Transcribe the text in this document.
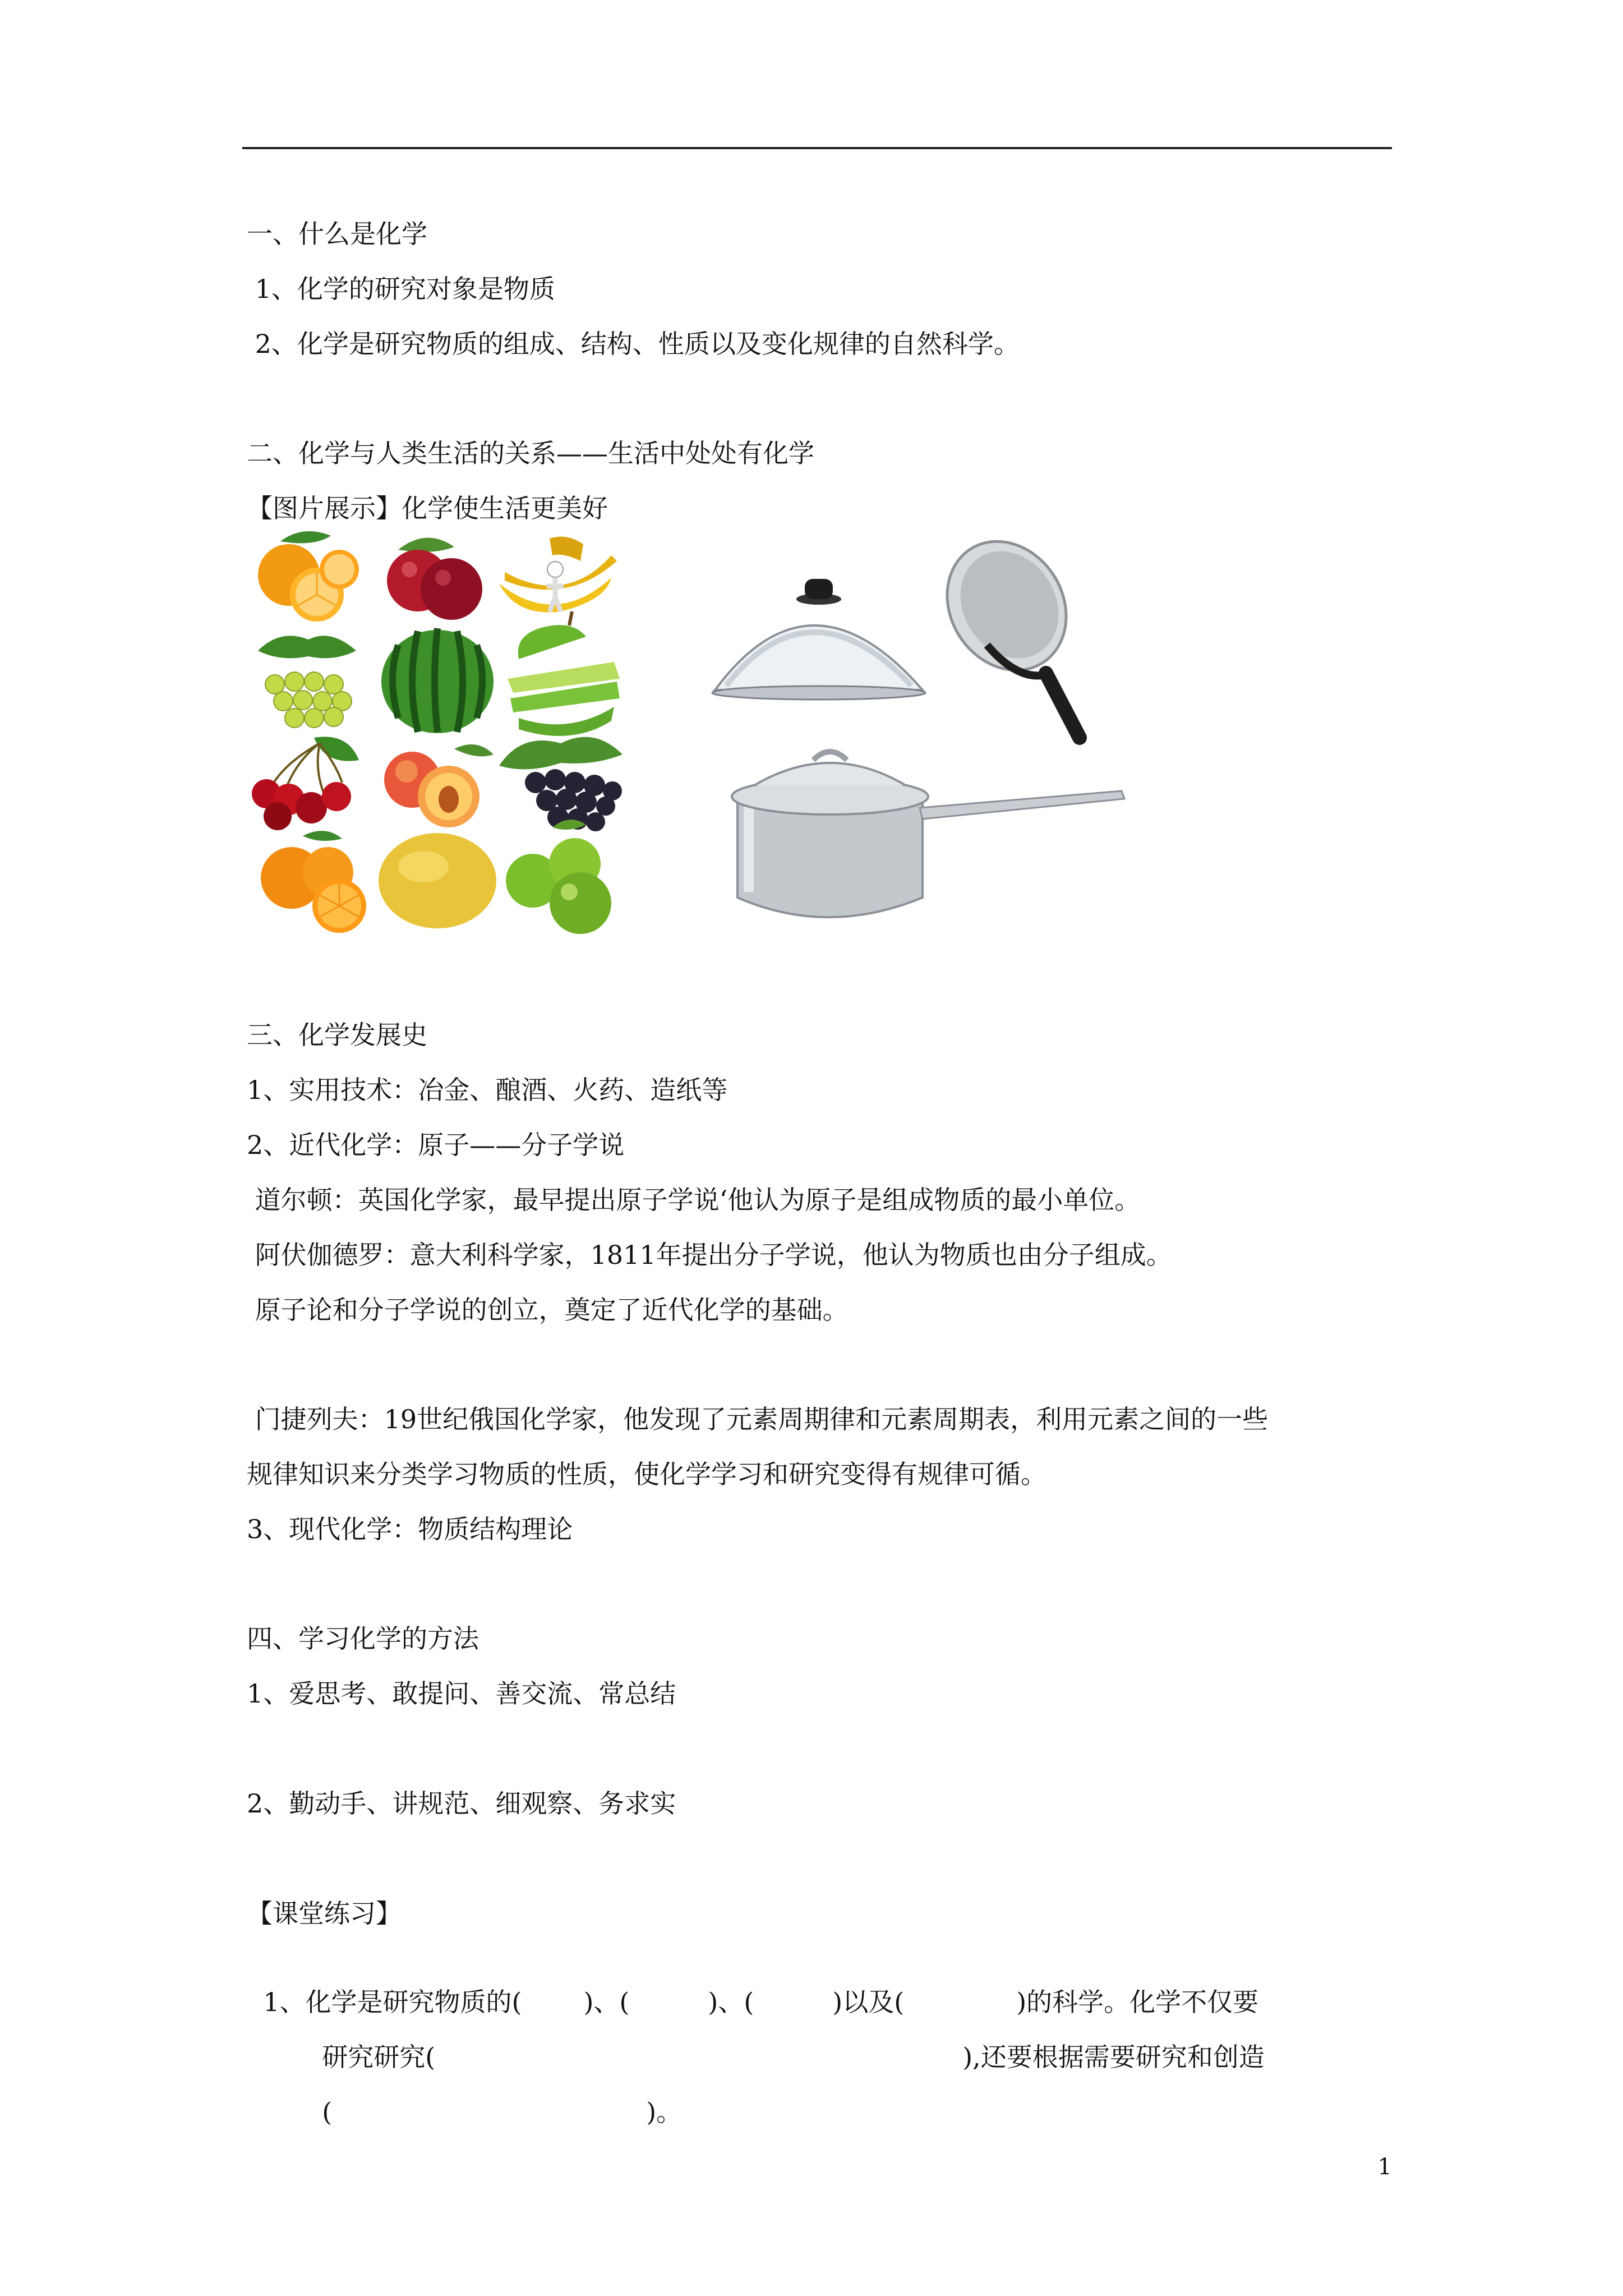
一、什么是化学
1、化学的研究对象是物质
2、化学是研究物质的组成、结构、性质以及变化规律的自然科学。
二、化学与人类生活的关系——生活中处处有化学
【图片展示】化学使生活更美好
三、化学发展史
1、实用技术：冶金、酿酒、火药、造纸等
2、近代化学：原子——分子学说
道尔顿：英国化学家，最早提出原子学说‘他认为原子是组成物质的最小单位。
阿伏伽德罗：意大利科学家，1811年提出分子学说，他认为物质也由分子组成。
原子论和分子学说的创立，奠定了近代化学的基础。
门捷列夫：19世纪俄国化学家，他发现了元素周期律和元素周期表，利用元素之间的一些
规律知识来分类学习物质的性质，使化学学习和研究变得有规律可循。
3、现代化学：物质结构理论
四、学习化学的方法
1、爱思考、敢提问、善交流、常总结
2、勤动手、讲规范、细观察、务求实
【课堂练习】

1、化学是研究物质的( )、(	)、(	)以及(	)的科学。化学不仅要

研究研究(	),还要根据需要研究和创造

(	)。

1
